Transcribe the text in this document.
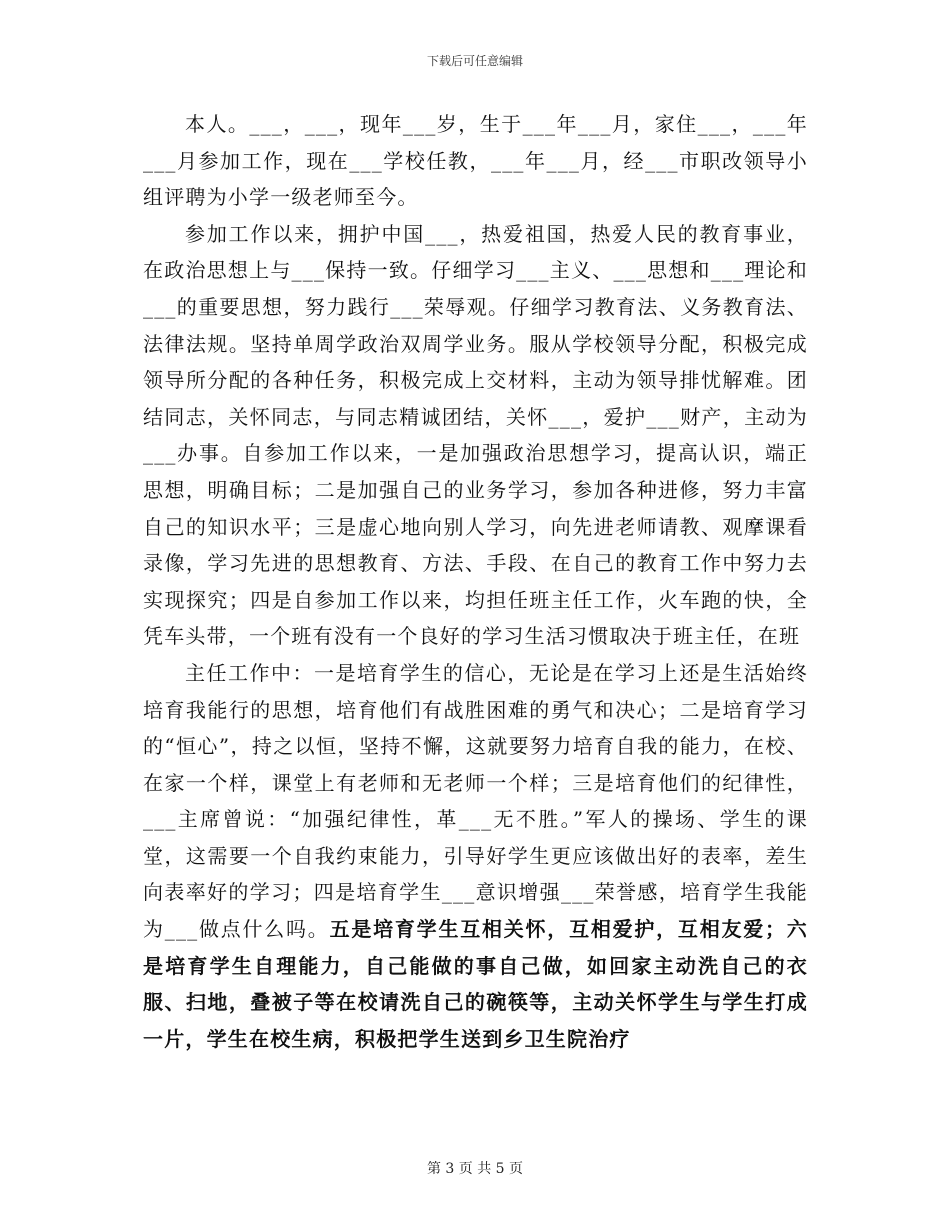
下载后可任意编辑

本人。___，___，现年___岁，生于___年___月，家住___，___年___月参加工作，现在___学校任教，___年___月，经___市职改领导小组评聘为小学一级老师至今。

参加工作以来，拥护中国___，热爱祖国，热爱人民的教育事业，在政治思想上与___保持一致。仔细学习___主义、___思想和___理论和___的重要思想，努力践行___荣辱观。仔细学习教育法、义务教育法、法律法规。坚持单周学政治双周学业务。服从学校领导分配，积极完成领导所分配的各种任务，积极完成上交材料，主动为领导排忧解难。团结同志，关怀同志，与同志精诚团结，关怀___，爱护___财产，主动为___办事。自参加工作以来，一是加强政治思想学习，提高认识，端正思想，明确目标；二是加强自己的业务学习，参加各种进修，努力丰富自己的知识水平；三是虚心地向别人学习，向先进老师请教、观摩课看录像，学习先进的思想教育、方法、手段、在自己的教育工作中努力去实现探究；四是自参加工作以来，均担任班主任工作，火车跑的快，全凭车头带，一个班有没有一个良好的学习生活习惯取决于班主任，在班

主任工作中：一是培育学生的信心，无论是在学习上还是生活始终培育我能行的思想，培育他们有战胜困难的勇气和决心；二是培育学习的“恒心”，持之以恒，坚持不懈，这就要努力培育自我的能力，在校、在家一个样，课堂上有老师和无老师一个样；三是培育他们的纪律性，___主席曾说：“加强纪律性，革___无不胜。”军人的操场、学生的课堂，这需要一个自我约束能力，引导好学生更应该做出好的表率，差生向表率好的学习；四是培育学生___意识增强___荣誉感，培育学生我能为___做点什么吗。五是培育学生互相关怀，互相爱护，互相友爱；六是培育学生自理能力，自己能做的事自己做，如回家主动洗自己的衣服、扫地，叠被子等在校请洗自己的碗筷等，主动关怀学生与学生打成一片，学生在校生病，积极把学生送到乡卫生院治疗

第 3 页 共 5 页
